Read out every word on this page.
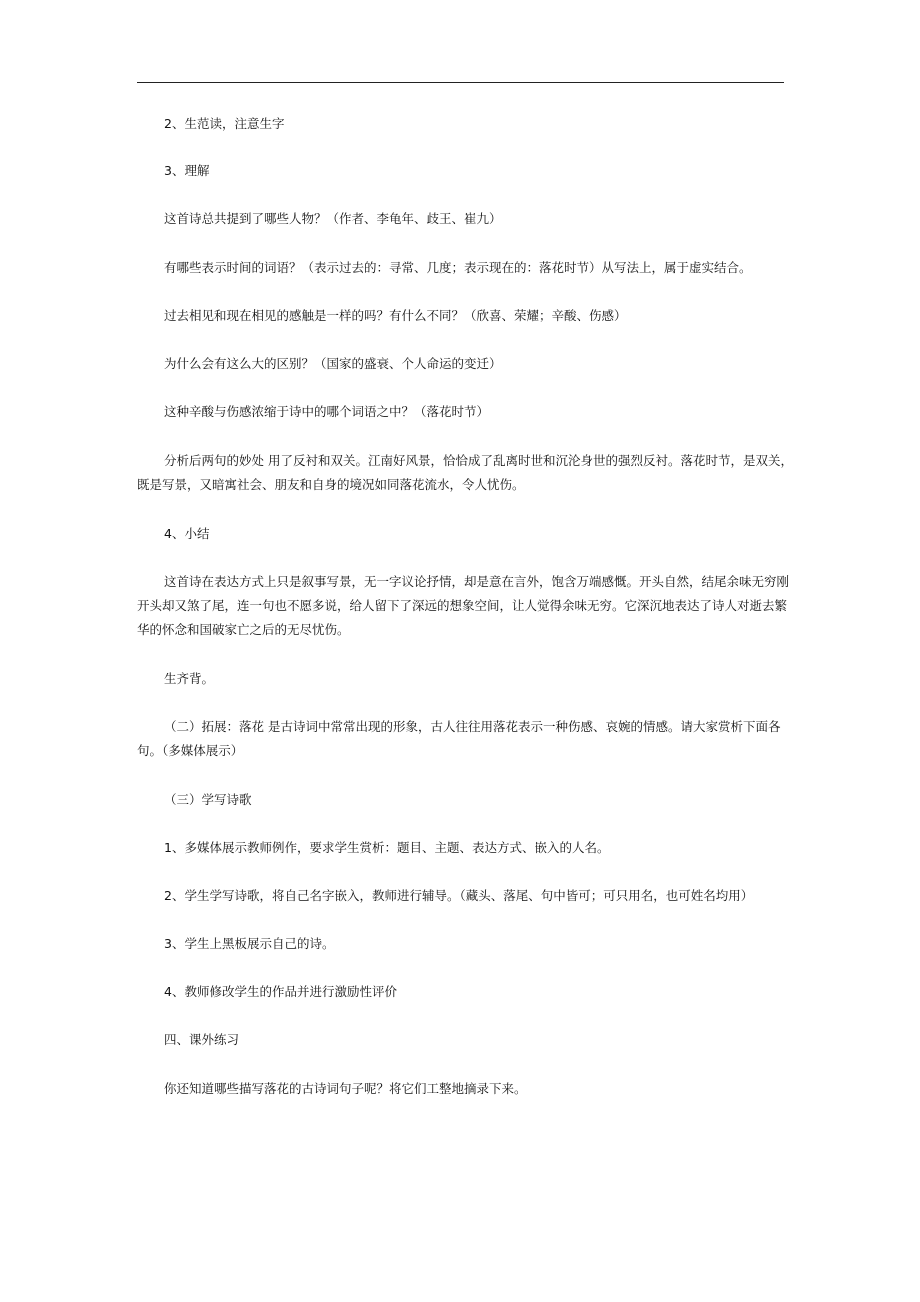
2、生范读，注意生字

3、理解

这首诗总共提到了哪些人物？（作者、李龟年、歧王、崔九）

有哪些表示时间的词语？（表示过去的：寻常、几度；表示现在的：落花时节）从写法上，属于虚实结合。

过去相见和现在相见的感触是一样的吗？有什么不同？（欣喜、荣耀；辛酸、伤感）

为什么会有这么大的区别？（国家的盛衰、个人命运的变迁）

这种辛酸与伤感浓缩于诗中的哪个词语之中？（落花时节）

分析后两句的妙处 用了反衬和双关。江南好风景，恰恰成了乱离时世和沉沦身世的强烈反衬。落花时节，是双关，
既是写景，又暗寓社会、朋友和自身的境况如同落花流水，令人忧伤。

4、小结

这首诗在表达方式上只是叙事写景，无一字议论抒情，却是意在言外，饱含万端感慨。开头自然，结尾余味无穷刚
开头却又煞了尾，连一句也不愿多说，给人留下了深远的想象空间，让人觉得余味无穷。它深沉地表达了诗人对逝去繁
华的怀念和国破家亡之后的无尽忧伤。

生齐背。

（二）拓展：落花 是古诗词中常常出现的形象，古人往往用落花表示一种伤感、哀婉的情感。请大家赏析下面各
句。（多媒体展示）

（三）学写诗歌

1、多媒体展示教师例作，要求学生赏析：题目、主题、表达方式、嵌入的人名。

2、学生学写诗歌，将自己名字嵌入，教师进行辅导。（藏头、落尾、句中皆可；可只用名，也可姓名均用）

3、学生上黑板展示自己的诗。

4、教师修改学生的作品并进行激励性评价

四、课外练习

你还知道哪些描写落花的古诗词句子呢？将它们工整地摘录下来。
